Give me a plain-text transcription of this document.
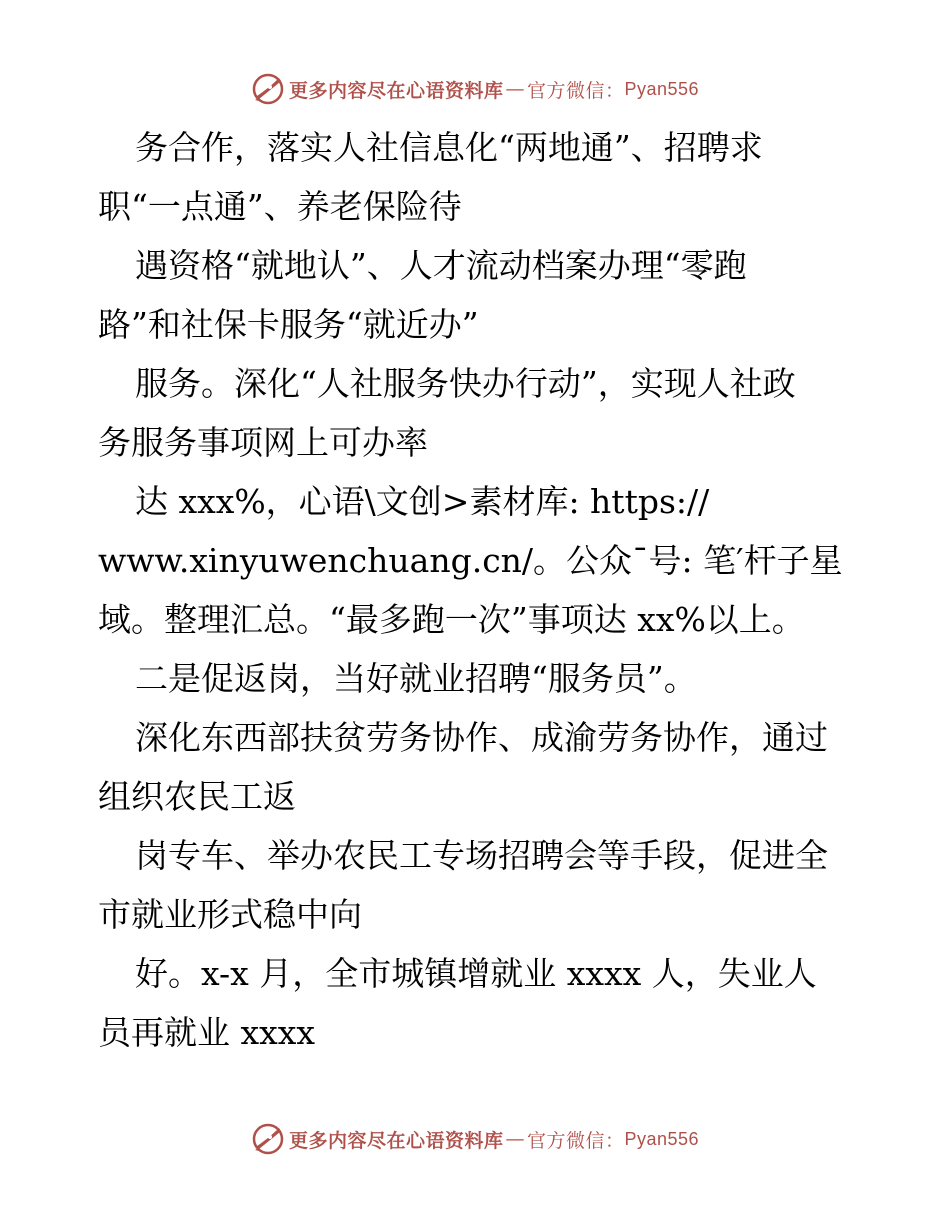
更多内容尽在心语资料库 — 官方微信： Pyan556
务合作，落实人社信息化“两地通”、招聘求
职“一点通”、养老保险待
遇资格“就地认”、人才流动档案办理“零跑
路”和社保卡服务“就近办”
服务。深化“人社服务快办行动”，实现人社政
务服务事项网上可办率
达 xxx%，心语\文创>素材库: https://
www.xinyuwenchuang.cn/。公众¯号: 笔′杆子星
域。整理汇总。“最多跑一次”事项达 xx%以上。
二是促返岗，当好就业招聘“服务员”。
深化东西部扶贫劳务协作、成渝劳务协作，通过
组织农民工返
岗专车、举办农民工专场招聘会等手段，促进全
市就业形式稳中向
好。x-x 月，全市城镇增就业 xxxx 人，失业人
员再就业 xxxx
更多内容尽在心语资料库 — 官方微信： Pyan556
